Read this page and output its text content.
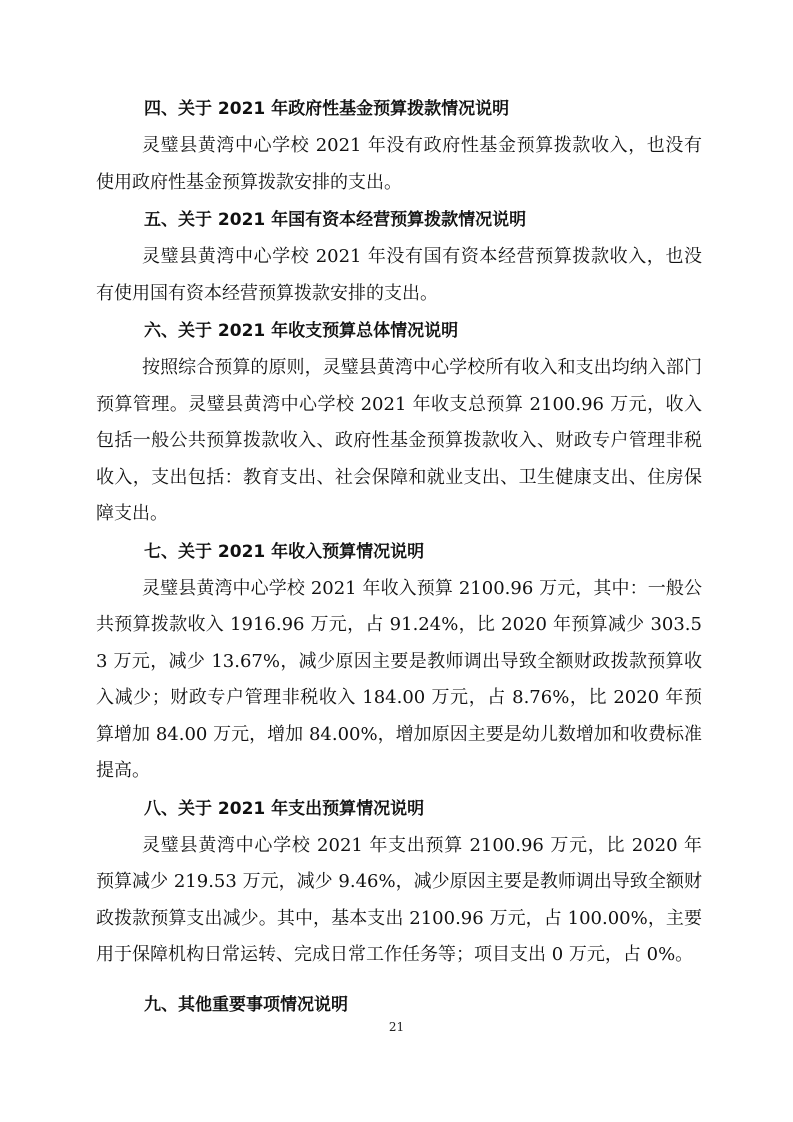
四、关于 2021 年政府性基金预算拨款情况说明

灵璧县黄湾中心学校 2021 年没有政府性基金预算拨款收入，也没有使用政府性基金预算拨款安排的支出。

五、关于 2021 年国有资本经营预算拨款情况说明

灵璧县黄湾中心学校 2021 年没有国有资本经营预算拨款收入，也没有使用国有资本经营预算拨款安排的支出。

六、关于 2021 年收支预算总体情况说明

按照综合预算的原则，灵璧县黄湾中心学校所有收入和支出均纳入部门预算管理。灵璧县黄湾中心学校 2021 年收支总预算 2100.96 万元，收入包括一般公共预算拨款收入、政府性基金预算拨款收入、财政专户管理非税收入，支出包括：教育支出、社会保障和就业支出、卫生健康支出、住房保障支出。

七、关于 2021 年收入预算情况说明

灵璧县黄湾中心学校 2021 年收入预算 2100.96 万元，其中：一般公共预算拨款收入 1916.96 万元，占 91.24%，比 2020 年预算减少 303.53 万元，减少 13.67%，减少原因主要是教师调出导致全额财政拨款预算收入减少；财政专户管理非税收入 184.00 万元，占 8.76%，比 2020 年预算增加 84.00 万元，增加 84.00%，增加原因主要是幼儿数增加和收费标准提高。

八、关于 2021 年支出预算情况说明

灵璧县黄湾中心学校 2021 年支出预算 2100.96 万元，比 2020 年预算减少 219.53 万元，减少 9.46%，减少原因主要是教师调出导致全额财政拨款预算支出减少。其中，基本支出 2100.96 万元，占 100.00%，主要用于保障机构日常运转、完成日常工作任务等；项目支出 0 万元，占 0%。

九、其他重要事项情况说明
21
